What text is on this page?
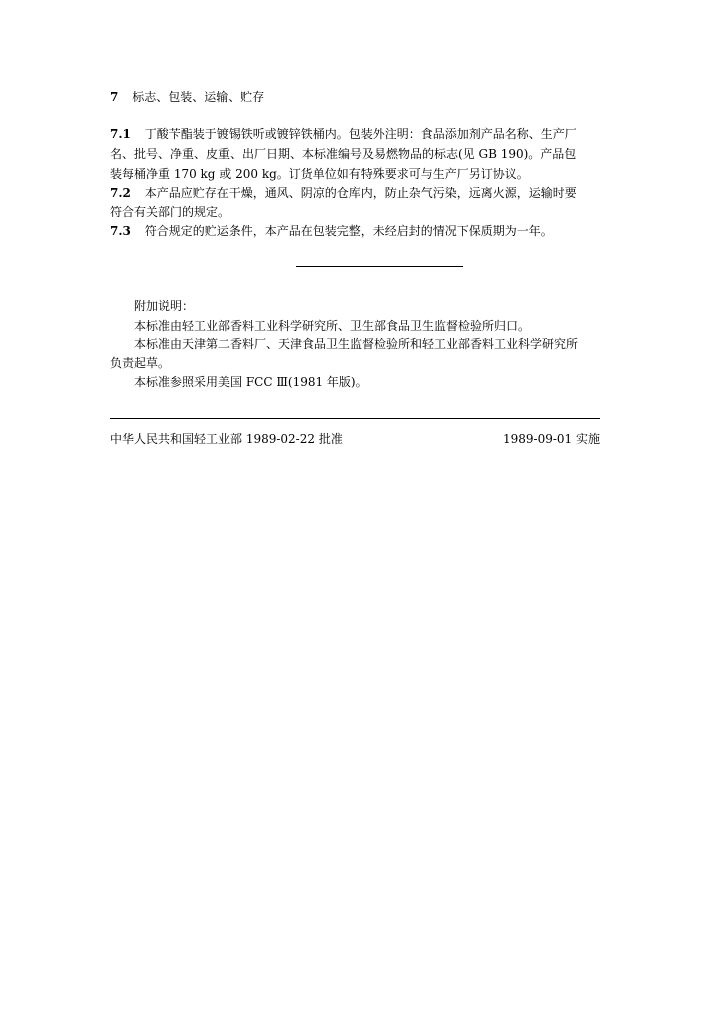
7 标志、包装、运输、贮存
7.1 丁酸苄酯装于镀锡铁听或镀锌铁桶内。包装外注明：食品添加剂产品名称、生产厂
名、批号、净重、皮重、出厂日期、本标准编号及易燃物品的标志(见 GB 190)。产品包
装每桶净重 170 kg 或 200 kg。订货单位如有特殊要求可与生产厂另订协议。
7.2 本产品应贮存在干燥，通风、阴凉的仓库内，防止杂气污染，远离火源，运输时要
符合有关部门的规定。
7.3 符合规定的贮运条件，本产品在包装完整，未经启封的情况下保质期为一年。
附加说明：
本标准由轻工业部香料工业科学研究所、卫生部食品卫生监督检验所归口。
本标准由天津第二香料厂、天津食品卫生监督检验所和轻工业部香料工业科学研究所
负责起草。
本标准参照采用美国 FCC Ⅲ(1981 年版)。
中华人民共和国轻工业部 1989-02-22 批准	1989-09-01 实施
